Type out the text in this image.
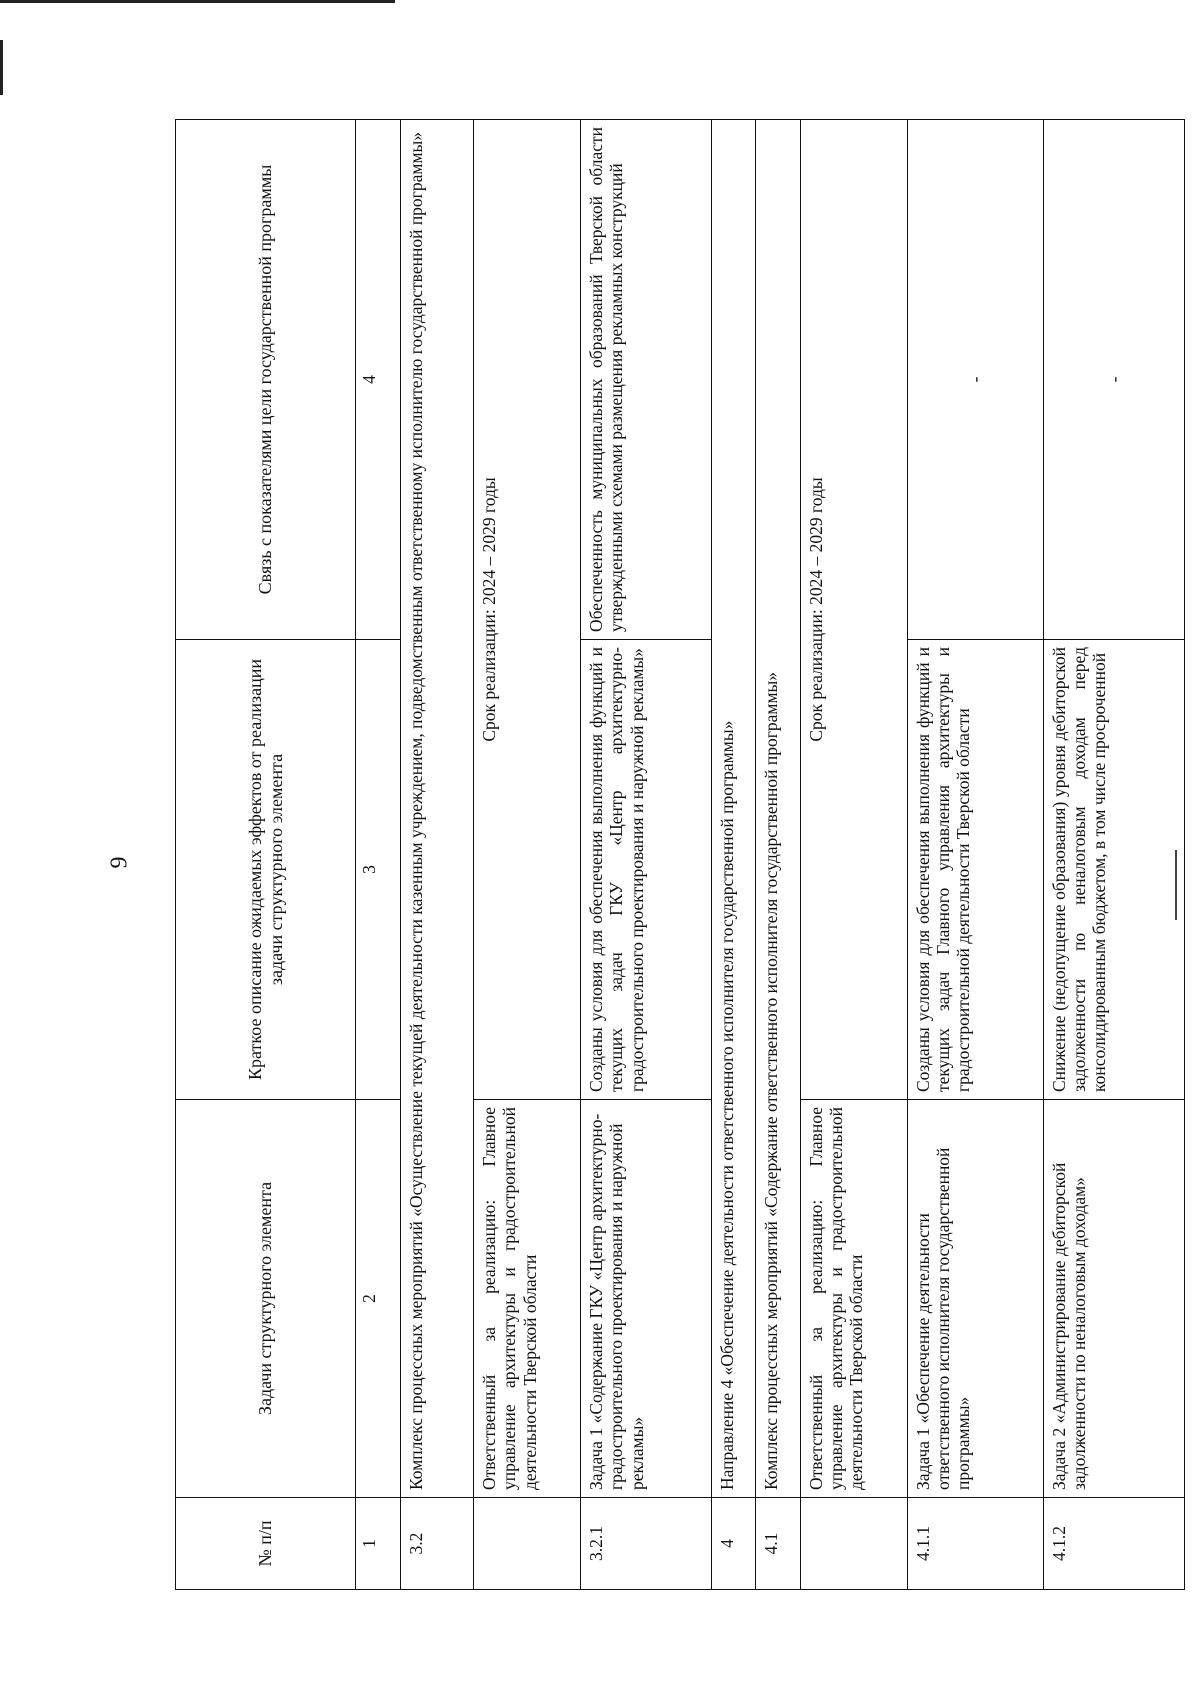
9
№ п/п	Задачи структурного элемента	Краткое описание ожидаемых эффектов от реализации задачи структурного элемента	Связь с показателями цели государственной программы
1	2	3	4
3.2	Комплекс процессных мероприятий «Осуществление текущей деятельности казенным учреждением, подведомственным ответственному исполнителю государственной программы»		
	Ответственный за реализацию: Главное управление архитектуры и градостроительной деятельности Тверской области	Срок реализации: 2024 – 2029 годы	
3.2.1	Задача 1 «Содержание ГКУ «Центр архитектурно-градостроительного проектирования и наружной рекламы»	Созданы условия для обеспечения выполнения функций и текущих задач ГКУ «Центр архитектурно-градостроительного проектирования и наружной рекламы»	Обеспеченность муниципальных образований Тверской области утвержденными схемами размещения рекламных конструкций
4	Направление 4 «Обеспечение деятельности ответственного исполнителя государственной программы»		
4.1	Комплекс процессных мероприятий «Содержание ответственного исполнителя государственной программы»		
	Ответственный за реализацию: Главное управление архитектуры и градостроительной деятельности Тверской области	Срок реализации: 2024 – 2029 годы	
4.1.1	Задача 1 «Обеспечение деятельности ответственного исполнителя государственной программы»	Созданы условия для обеспечения выполнения функций и текущих задач Главного управления архитектуры и градостроительной деятельности Тверской области	-
4.1.2	Задача 2 «Администрирование дебиторской задолженности по неналоговым доходам»	Снижение (недопущение образования) уровня дебиторской задолженности по неналоговым доходам перед консолидированным бюджетом, в том числе просроченной	-
